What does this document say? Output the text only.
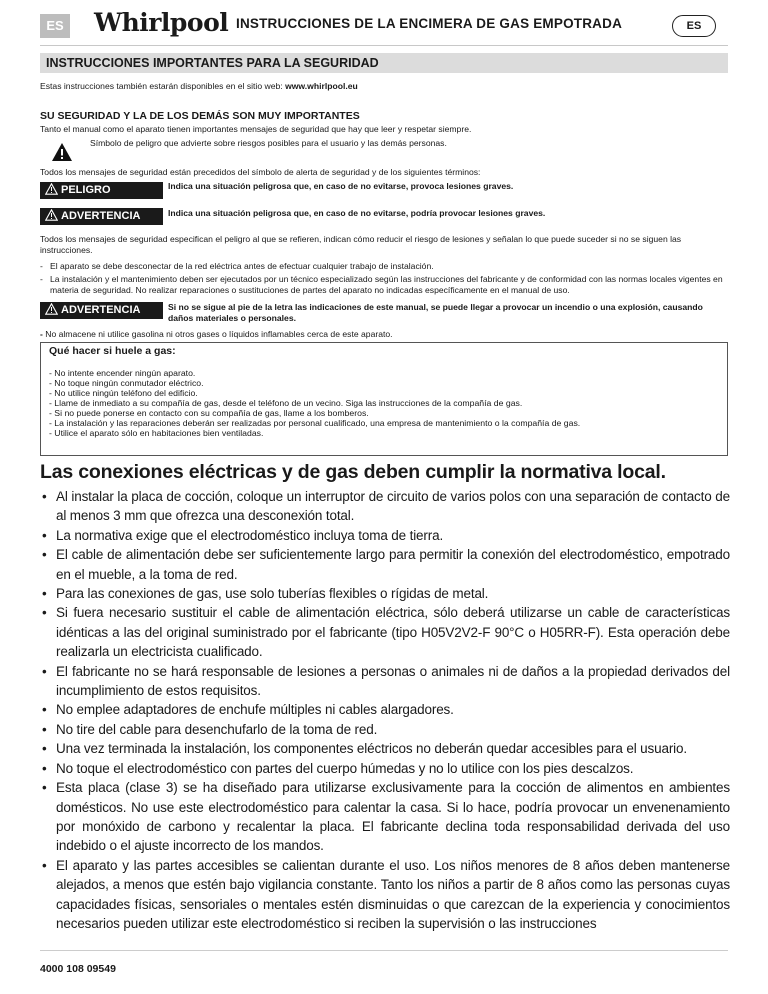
ES Whirlpool INSTRUCCIONES DE LA ENCIMERA DE GAS EMPOTRADA	ES
INSTRUCCIONES IMPORTANTES PARA LA SEGURIDAD
Estas instrucciones también estarán disponibles en el sitio web: www.whirlpool.eu
SU SEGURIDAD Y LA DE LOS DEMÁS SON MUY IMPORTANTES
Tanto el manual como el aparato tienen importantes mensajes de seguridad que hay que leer y respetar siempre.
Símbolo de peligro que advierte sobre riesgos posibles para el usuario y las demás personas.
Todos los mensajes de seguridad están precedidos del símbolo de alerta de seguridad y de los siguientes términos:
PELIGRO	Indica una situación peligrosa que, en caso de no evitarse, provoca lesiones graves.
ADVERTENCIA	Indica una situación peligrosa que, en caso de no evitarse, podría provocar lesiones graves.
Todos los mensajes de seguridad especifican el peligro al que se refieren, indican cómo reducir el riesgo de lesiones y señalan lo que puede suceder si no se siguen las instrucciones.
- El aparato se debe desconectar de la red eléctrica antes de efectuar cualquier trabajo de instalación.
- La instalación y el mantenimiento deben ser ejecutados por un técnico especializado según las instrucciones del fabricante y de conformidad con las normas locales vigentes en materia de seguridad. No realizar reparaciones o sustituciones de partes del aparato no indicadas específicamente en el manual de uso.
ADVERTENCIA	Si no se sigue al pie de la letra las indicaciones de este manual, se puede llegar a provocar un incendio o una explosión, causando daños materiales o personales.
- No almacene ni utilice gasolina ni otros gases o líquidos inflamables cerca de este aparato.
Qué hacer si huele a gas:
- No intente encender ningún aparato.
- No toque ningún conmutador eléctrico.
- No utilice ningún teléfono del edificio.
- Llame de inmediato a su compañía de gas, desde el teléfono de un vecino. Siga las instrucciones de la compañía de gas.
- Si no puede ponerse en contacto con su compañía de gas, llame a los bomberos.
- La instalación y las reparaciones deberán ser realizadas por personal cualificado, una empresa de mantenimiento o la compañía de gas.
- Utilice el aparato sólo en habitaciones bien ventiladas.
Las conexiones eléctricas y de gas deben cumplir la normativa local.
• Al instalar la placa de cocción, coloque un interruptor de circuito de varios polos con una separación de contacto de al menos 3 mm que ofrezca una desconexión total.
• La normativa exige que el electrodoméstico incluya toma de tierra.
• El cable de alimentación debe ser suficientemente largo para permitir la conexión del electrodoméstico, empotrado en el mueble, a la toma de red.
• Para las conexiones de gas, use solo tuberías flexibles o rígidas de metal.
• Si fuera necesario sustituir el cable de alimentación eléctrica, sólo deberá utilizarse un cable de características idénticas a las del original suministrado por el fabricante (tipo H05V2V2-F 90°C o H05RR-F). Esta operación debe realizarla un electricista cualificado.
• El fabricante no se hará responsable de lesiones a personas o animales ni de daños a la propiedad derivados del incumplimiento de estos requisitos.
• No emplee adaptadores de enchufe múltiples ni cables alargadores.
• No tire del cable para desenchufarlo de la toma de red.
• Una vez terminada la instalación, los componentes eléctricos no deberán quedar accesibles para el usuario.
• No toque el electrodoméstico con partes del cuerpo húmedas y no lo utilice con los pies descalzos.
• Esta placa (clase 3) se ha diseñado para utilizarse exclusivamente para la cocción de alimentos en ambientes domésticos. No use este electrodoméstico para calentar la casa. Si lo hace, podría provocar un envenenamiento por monóxido de carbono y recalentar la placa. El fabricante declina toda responsabilidad derivada del uso indebido o el ajuste incorrecto de los mandos.
• El aparato y las partes accesibles se calientan durante el uso. Los niños menores de 8 años deben mantenerse alejados, a menos que estén bajo vigilancia constante. Tanto los niños a partir de 8 años como las personas cuyas capacidades físicas, sensoriales o mentales estén disminuidas o que carezcan de la experiencia y conocimientos necesarios pueden utilizar este electrodoméstico si reciben la supervisión o las instrucciones
4000 108 09549
